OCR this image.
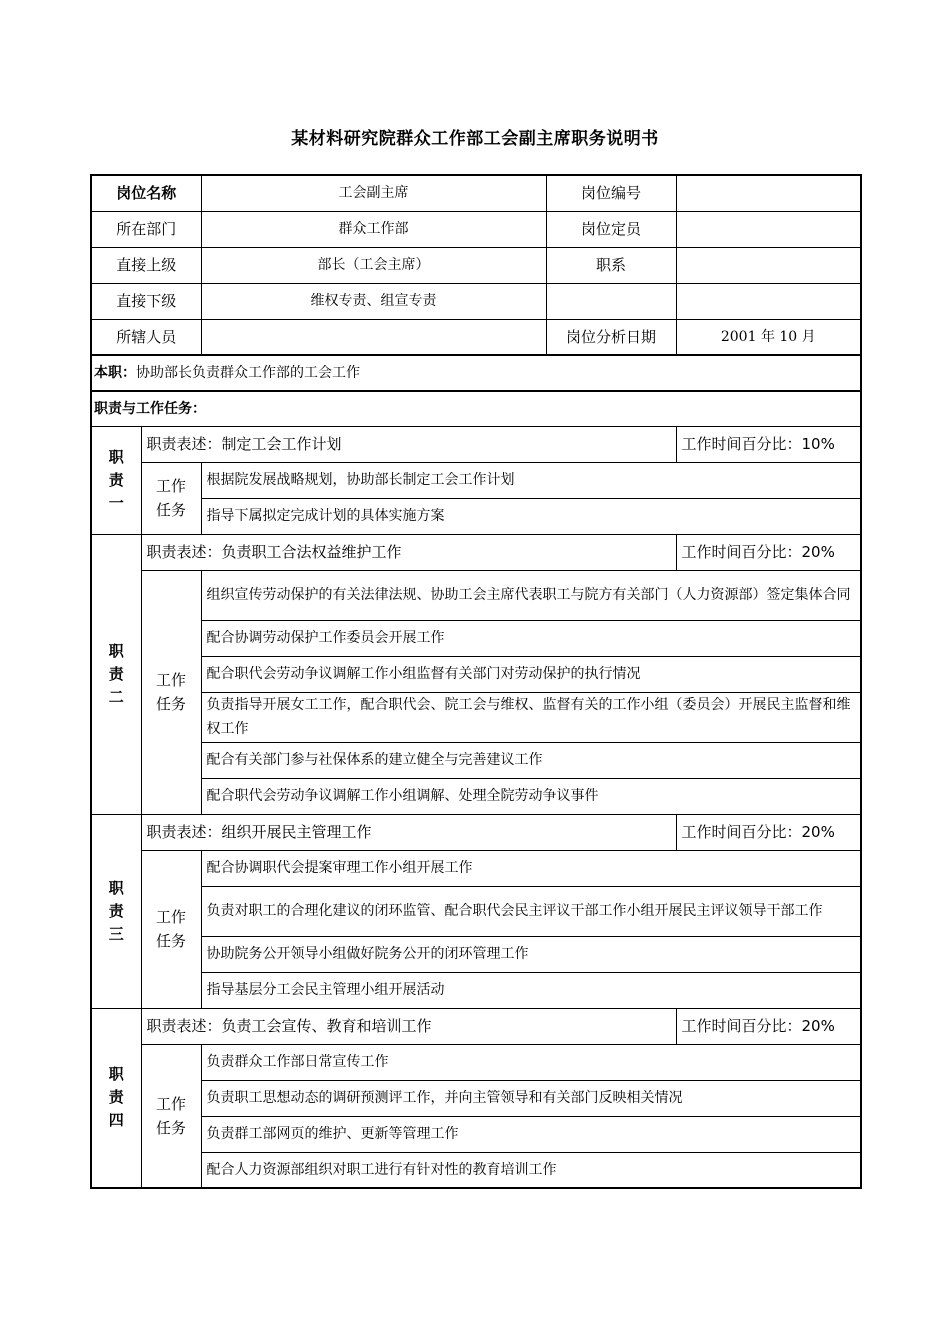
某材料研究院群众工作部工会副主席职务说明书
岗位名称		工会副主席	岗位编号	
所在部门		群众工作部	岗位定员	
直接上级		部长（工会主席）	职系	
直接下级		维权专责、组宣专责		
所辖人员			岗位分析日期	2001 年 10 月
本职：协助部长负责群众工作部的工会工作				
职责与工作任务：				

职
责
一	职责表述：制定工会工作计划			工作时间百分比：10%

	工作
任务	根据院发展战略规划，协助部长制定工会工作计划		
		指导下属拟定完成计划的具体实施方案		

职
责
二	职责表述：负责职工合法权益维护工作			工作时间百分比：20%

	工作
任务	组织宣传劳动保护的有关法律法规、协助工会主席代表职工与院方有关部门（人力资源部）签定集体合同		
		配合协调劳动保护工作委员会开展工作		
		配合职代会劳动争议调解工作小组监督有关部门对劳动保护的执行情况		
		负责指导开展女工工作，配合职代会、院工会与维权、监督有关的工作小组（委员会）开展民主监督和维权工作		
		配合有关部门参与社保体系的建立健全与完善建议工作		
		配合职代会劳动争议调解工作小组调解、处理全院劳动争议事件		

职
责
三	职责表述：组织开展民主管理工作			工作时间百分比：20%

	工作
任务	配合协调职代会提案审理工作小组开展工作		
		负责对职工的合理化建议的闭环监管、配合职代会民主评议干部工作小组开展民主评议领导干部工作		
		协助院务公开领导小组做好院务公开的闭环管理工作		
		指导基层分工会民主管理小组开展活动		

职
责
四	职责表述：负责工会宣传、教育和培训工作			工作时间百分比：20%

	工作
任务	负责群众工作部日常宣传工作		
		负责职工思想动态的调研预测评工作，并向主管领导和有关部门反映相关情况		
		负责群工部网页的维护、更新等管理工作		
		配合人力资源部组织对职工进行有针对性的教育培训工作		
